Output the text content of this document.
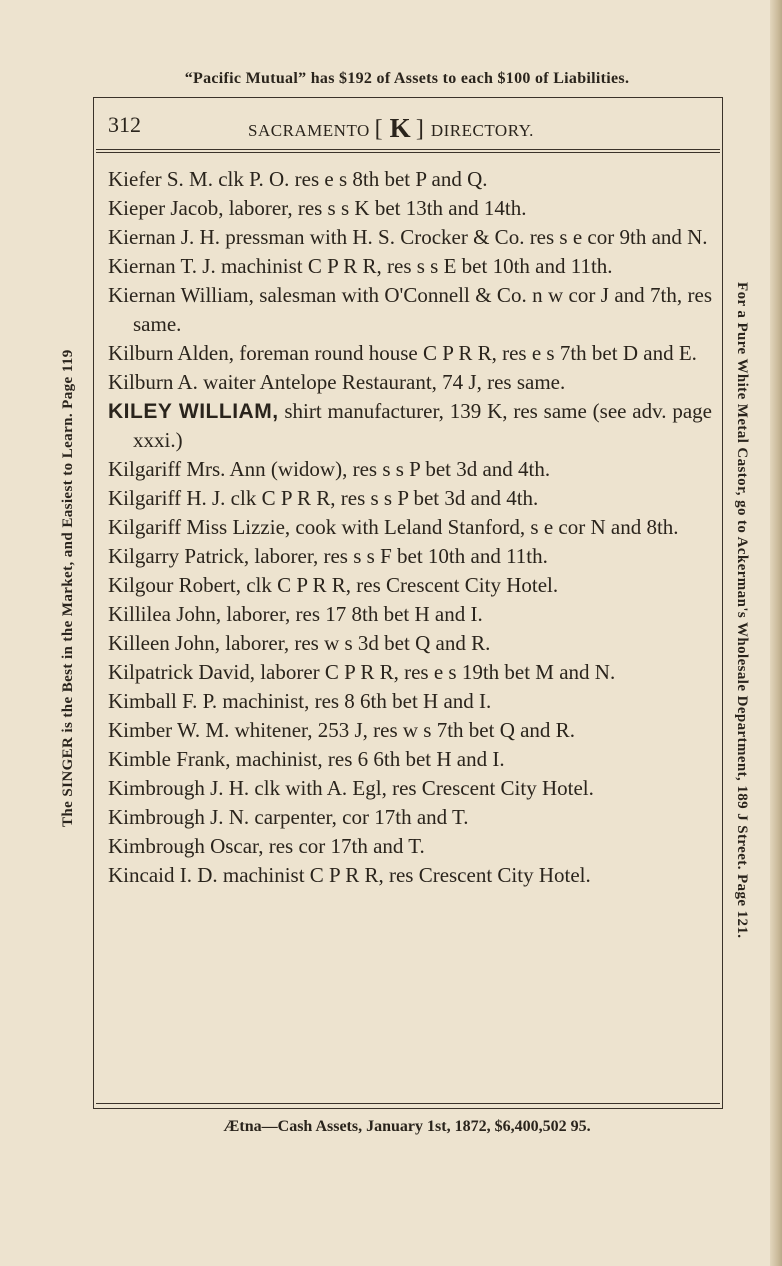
“Pacific Mutual” has $192 of Assets to each $100 of Liabilities.
312	SACRAMENTO [ K ] DIRECTORY.

Kiefer S. M. clk P. O. res e s 8th bet P and Q.

Kieper Jacob, laborer, res s s K bet 13th and 14th.

Kiernan J. H. pressman with H. S. Crocker & Co. res s e cor 9th and N.

Kiernan T. J. machinist C P R R, res s s E bet 10th and 11th.

Kiernan William, salesman with O'Connell & Co. n w cor J and 7th, res same.

Kilburn Alden, foreman round house C P R R, res e s 7th bet D and E.

Kilburn A. waiter Antelope Restaurant, 74 J, res same.

KILEY WILLIAM, shirt manufacturer, 139 K, res same (see adv. page xxxi.)

Kilgariff Mrs. Ann (widow), res s s P bet 3d and 4th.

Kilgariff H. J. clk C P R R, res s s P bet 3d and 4th.

Kilgariff Miss Lizzie, cook with Leland Stanford, s e cor N and 8th.

Kilgarry Patrick, laborer, res s s F bet 10th and 11th.

Kilgour Robert, clk C P R R, res Crescent City Hotel.

Killilea John, laborer, res 17 8th bet H and I.

Killeen John, laborer, res w s 3d bet Q and R.

Kilpatrick David, laborer C P R R, res e s 19th bet M and N.

Kimball F. P. machinist, res 8 6th bet H and I.

Kimber W. M. whitener, 253 J, res w s 7th bet Q and R.

Kimble Frank, machinist, res 6 6th bet H and I.

Kimbrough J. H. clk with A. Egl, res Crescent City Hotel.

Kimbrough J. N. carpenter, cor 17th and T.

Kimbrough Oscar, res cor 17th and T.

Kincaid I. D. machinist C P R R, res Crescent City Hotel.

Ætna—Cash Assets, January 1st, 1872, $6,400,502 95.
The SINGER is the Best in the Market, and Easiest to Learn. Page 119	For a Pure White Metal Castor, go to Ackerman's Wholesale Department, 189 J Street. Page 121.
